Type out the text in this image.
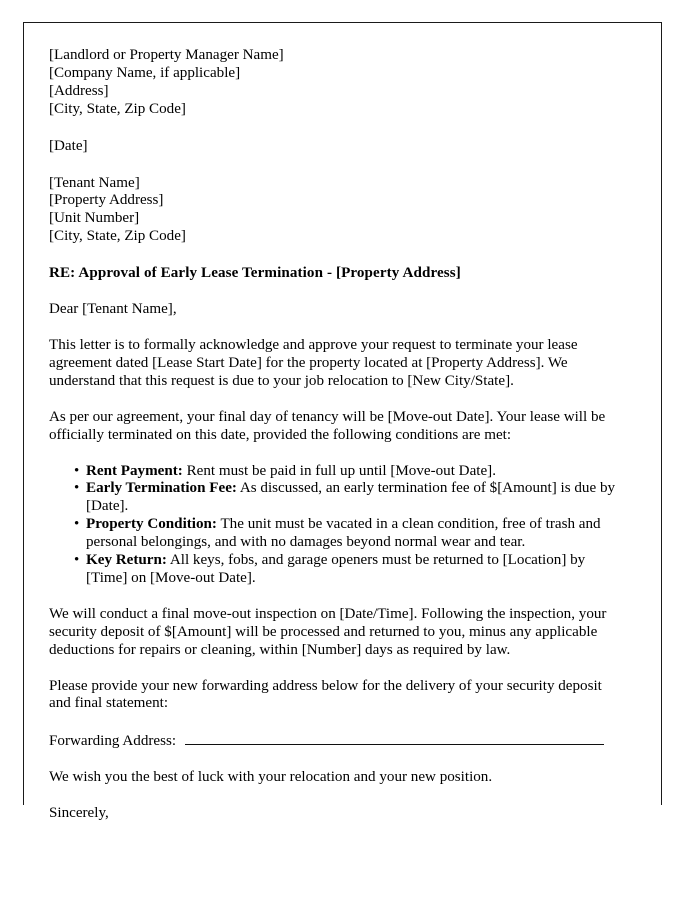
[Landlord or Property Manager Name]
[Company Name, if applicable]
[Address]
[City, State, Zip Code]
[Date]
[Tenant Name]
[Property Address]
[Unit Number]
[City, State, Zip Code]
RE: Approval of Early Lease Termination - [Property Address]
Dear [Tenant Name],

This letter is to formally acknowledge and approve your request to terminate your lease agreement dated [Lease Start Date] for the property located at [Property Address]. We understand that this request is due to your job relocation to [New City/State].

As per our agreement, your final day of tenancy will be [Move-out Date]. Your lease will be officially terminated on this date, provided the following conditions are met:

• Rent Payment: Rent must be paid in full up until [Move-out Date].
• Early Termination Fee: As discussed, an early termination fee of $[Amount] is due by [Date].
• Property Condition: The unit must be vacated in a clean condition, free of trash and personal belongings, and with no damages beyond normal wear and tear.
• Key Return: All keys, fobs, and garage openers must be returned to [Location] by [Time] on [Move-out Date].

We will conduct a final move-out inspection on [Date/Time]. Following the inspection, your security deposit of $[Amount] will be processed and returned to you, minus any applicable deductions for repairs or cleaning, within [Number] days as required by law.

Please provide your new forwarding address below for the delivery of your security deposit and final statement:

Forwarding Address:

We wish you the best of luck with your relocation and your new position.

Sincerely,
